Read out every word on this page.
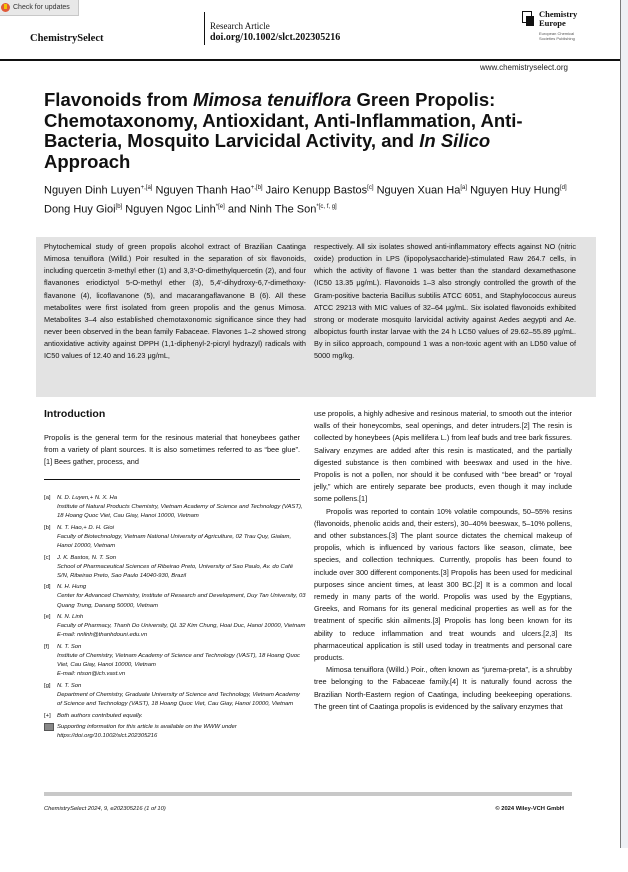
Check for updates
ChemistrySelect
Research Article
doi.org/10.1002/slct.202305216
Chemistry
Europe
European Chemical
Societies Publishing
www.chemistryselect.org
Flavonoids from Mimosa tenuiflora Green Propolis: Chemotaxonomy, Antioxidant, Anti-Inflammation, Anti-Bacteria, Mosquito Larvicidal Activity, and In Silico Approach
Nguyen Dinh Luyen$^{+,[a]}$ Nguyen Thanh Hao$^{+,[b]}$ Jairo Kenupp Bastos[c] Nguyen Xuan Ha[a] Nguyen Huy Hung[d] Dong Huy Gioi[b] Nguyen Ngoc Linh$^{*[e]}$ and Ninh The Son$^{*[c, f, g]}$
Phytochemical study of green propolis alcohol extract of Brazilian Caatinga Mimosa tenuiflora (Willd.) Poir resulted in the separation of six flavonoids, including quercetin 3-methyl ether (1) and 3,3′-O-dimethylquercetin (2), and four flavanones eriodictyol 5-O-methyl ether (3), 5,4′-dihydroxy-6,7-dimethoxy-flavanone (4), licoflavanone (5), and macarangaflavanone B (6). All these metabolites were first isolated from green propolis and the genus Mimosa. Metabolites 3–4 also established chemotaxonomic significance since they had never been observed in the bean family Fabaceae. Flavones 1–2 showed strong antioxidative activity against DPPH (1,1-diphenyl-2-picryl hydrazyl) radicals with IC50 values of 12.40 and 16.23 μg/mL,
respectively. All six isolates showed anti-inflammatory effects against NO (nitric oxide) production in LPS (lipopolysaccharide)-stimulated Raw 264.7 cells, in which the activity of flavone 1 was better than the standard dexamethasone (IC50 13.35 μg/mL). Flavonoids 1–3 also strongly controlled the growth of the Gram-positive bacteria Bacillus subtilis ATCC 6051, and Staphylococcus aureus ATCC 29213 with MIC values of 32–64 μg/mL. Six isolated flavonoids exhibited strong or moderate mosquito larvicidal activity against Aedes aegypti and Ae. albopictus fourth instar larvae with the 24 h LC50 values of 29.62–55.89 μg/mL. By in silico approach, compound 1 was a non-toxic agent with an LD50 value of 5000 mg/kg.
Introduction

Propolis is the general term for the resinous material that honeybees gather from a variety of plant sources. It is also sometimes referred to as “bee glue”.[1] Bees gather, process, and

[a] N. D. Luyen,+ N. X. Ha
Institute of Natural Products Chemistry, Vietnam Academy of Science and Technology (VAST), 18 Hoang Quoc Viet, Cau Giay, Hanoi 10000, Vietnam
[b] N. T. Hao,+ D. H. Gioi
Faculty of Biotechnology, Vietnam National University of Agriculture, 02 Trau Quy, Gialam, Hanoi 10000, Vietnam
[c] J. K. Bastos, N. T. Son
School of Pharmaceutical Sciences of Ribeirao Preto, University of Sao Paulo, Av. do Café S/N, Ribeirao Preto, Sao Paulo 14040-930, Brazil
[d] N. H. Hung
Center for Advanced Chemistry, Institute of Research and Development, Duy Tan University, 03 Quang Trung, Danang 50000, Vietnam
[e] N. N. Linh
Faculty of Pharmacy, Thanh Do University, QL 32 Kim Chung, Hoai Duc, Hanoi 10000, Vietnam
E-mail: nnlinh@thanhdouni.edu.vn
[f] N. T. Son
Institute of Chemistry, Vietnam Academy of Science and Technology (VAST), 18 Hoang Quoc Viet, Cau Giay, Hanoi 10000, Vietnam
E-mail: ntson@ich.vast.vn
[g] N. T. Son
Department of Chemistry, Graduate University of Science and Technology, Vietnam Academy of Science and Technology (VAST), 18 Hoang Quoc Viet, Cau Giay, Hanoi 10000, Vietnam
[+] Both authors contributed equally.
Supporting information for this article is available on the WWW under https://doi.org/10.1002/slct.202305216

use propolis, a highly adhesive and resinous material, to smooth out the interior walls of their honeycombs, seal openings, and deter intruders.[2] The resin is collected by honeybees (Apis mellifera L.) from leaf buds and tree bark fissures. Salivary enzymes are added after this resin is masticated, and the partially digested substance is then combined with beeswax and used in the hive. Propolis is not a pollen, nor should it be confused with “bee bread” or “royal jelly,” which are entirely separate bee products, even though it may include some pollens.[1]

Propolis was reported to contain 10% volatile compounds, 50–55% resins (flavonoids, phenolic acids and, their esters), 30–40% beeswax, 5–10% pollens, and other substances.[3] The plant source dictates the chemical makeup of propolis, which is influenced by various factors like season, climate, bee species, and collection techniques. Currently, propolis has been found to include over 300 different components.[3] Propolis has been used for medicinal purposes since ancient times, at least 300 BC.[2] It is a common and local remedy in many parts of the world. Propolis was used by the Egyptians, Greeks, and Romans for its general medicinal properties as well as for the treatment of specific skin ailments.[3] Propolis has long been known for its ability to reduce inflammation and treat wounds and ulcers.[2,3] Its pharmaceutical application is still used today in treatments and personal care products.

Mimosa tenuiflora (Willd.) Poir., often known as “jurema-preta”, is a shrubby tree belonging to the Fabaceae family.[4] It is naturally found across the Brazilian North-Eastern region of Caatinga, including beekeeping operations. The green tint of Caatinga propolis is evidenced by the salivary enzymes that

ChemistrySelect 2024, 9, e202305216 (1 of 10)	© 2024 Wiley-VCH GmbH
